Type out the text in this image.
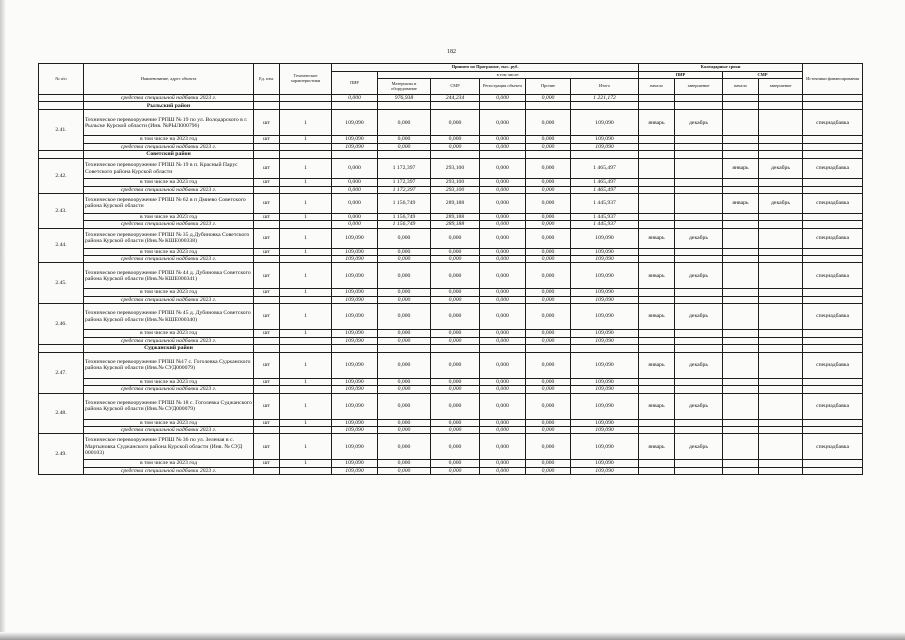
182
№ п/п	Наименование, адрес объекта	Ед. изм.	Технические характеристики	Принято по Программе, тыс. руб.						Календарные сроки				Источники финансирования
				ПИР	в том числе:					ПИР		СМР		
					Материалы и оборудование	СМР	Регистрация объекта	Прочие	Итого	начало	завершение	начало	завершение	
	средства специальной надбавки 2023 г.			0,000	976,938	244,234	0,000	0,000	1 221,172					
	Рыльский район													
2.41.	Техническое перевооружение ГРПШ № 19 по ул. Володарского в г. Рыльске Курской области (Инв. №РЫЛ000796)	шт	1	109,090	0,000	0,000	0,000	0,000	109,090	январь	декабрь			спецнадбавка
	в том числе на 2023 год	шт	1	109,090	0,000	0,000	0,000	0,000	109,090					
	средства специальной надбавки 2023 г.			109,090	0,000	0,000	0,000	0,000	109,090					
	Советский район													
2.42.	Техническое перевооружение ГРПШ № 19 в п. Красный Парус Советского района Курской области	шт	1	0,000	1 172,397	293,100	0,000	0,000	1 465,497			январь	декабрь	спецнадбавка
	в том числе на 2023 год	шт	1	0,000	1 172,397	293,100	0,000	0,000	1 465,497					
	средства специальной надбавки 2023 г.			0,000	1 172,397	293,100	0,000	0,000	1 465,497					
2.43.	Техническое перевооружение ГРПШ № 62 в п Дмиево Советского района Курской области	шт	1	0,000	1 156,749	289,188	0,000	0,000	1 445,937			январь	декабрь	спецнадбавка
	в том числе на 2023 год	шт	1	0,000	1 156,749	289,188	0,000	0,000	1 445,937					
	средства специальной надбавки 2023 г.			0,000	1 156,749	289,188	0,000	0,000	1 445,937					
2.44.	Техническое перевооружение ГРПШ № 35 д.Дубиновка Советского района Курской области (Инв.№ КШЕ000338)	шт	1	109,090	0,000	0,000	0,000	0,000	109,090	январь	декабрь			спецнадбавка
	в том числе на 2023 год	шт	1	109,090	0,000	0,000	0,000	0,000	109,090					
	средства специальной надбавки 2023 г.			109,090	0,000	0,000	0,000	0,000	109,090					
2.45.	Техническое перевооружение ГРПШ № 44 д. Дубиновка Советского района Курской области (Инв.№ КШЕ000341)	шт	1	109,090	0,000	0,000	0,000	0,000	109,090	январь	декабрь			спецнадбавка
	в том числе на 2023 год	шт	1	109,090	0,000	0,000	0,000	0,000	109,090					
	средства специальной надбавки 2023 г.			109,090	0,000	0,000	0,000	0,000	109,090					
2.46.	Техническое перевооружение ГРПШ № 45 д. Дубиновка Советского района Курской области (Инв.№ КШЕ000340)	шт	1	109,090	0,000	0,000	0,000	0,000	109,090	январь	декабрь			спецнадбавка
	в том числе на 2023 год	шт	1	109,090	0,000	0,000	0,000	0,000	109,090					
	средства специальной надбавки 2023 г.			109,090	0,000	0,000	0,000	0,000	109,090					
	Суджанский район													
2.47.	Техническое перевооружение ГРПШ №17 с. Гоголевка Суджанского района Курской области (Инв.№ СУД000079)	шт	1	109,090	0,000	0,000	0,000	0,000	109,090	январь	декабрь			спецнадбавка
	в том числе на 2023 год	шт	1	109,090	0,000	0,000	0,000	0,000	109,090					
	средства специальной надбавки 2023 г.			109,090	0,000	0,000	0,000	0,000	109,090					
2.48.	Техническое перевооружение ГРПШ № 18 с. Гоголевка Суджанского района Курской области (Инв.№ СУД000079)	шт	1	109,090	0,000	0,000	0,000	0,000	109,090	январь	декабрь			спецнадбавка
	в том числе на 2023 год	шт	1	109,090	0,000	0,000	0,000	0,000	109,090					
	средства специальной надбавки 2023 г.			109,090	0,000	0,000	0,000	0,000	109,090					
2.49.	Техническое перевооружение ГРПШ № 36 по ул. Зеленая в с. Мартыновка Суджанского района Курской области (Инв. № СУД 000103)	шт	1	109,090	0,000	0,000	0,000	0,000	109,090	январь	декабрь			спецнадбавка
	в том числе на 2023 год	шт	1	109,090	0,000	0,000	0,000	0,000	109,090					
	средства специальной надбавки 2023 г.			109,090	0,000	0,000	0,000	0,000	109,090					
